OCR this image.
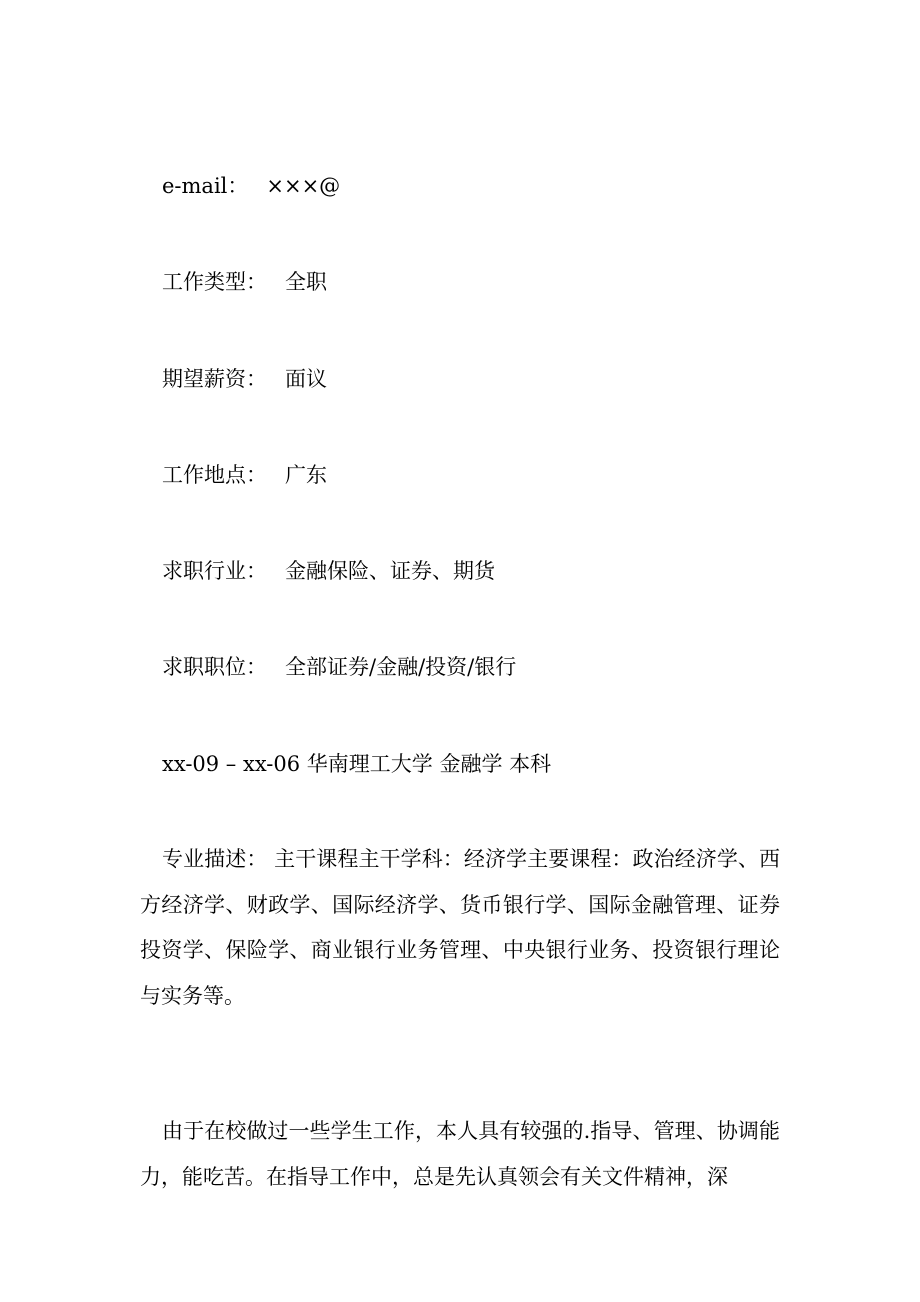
e-mail： ×××@
工作类型： 全职
期望薪资： 面议
工作地点： 广东
求职行业： 金融保险、证券、期货
求职职位： 全部证券/金融/投资/银行
xx-09 – xx-06 华南理工大学 金融学 本科
专业描述： 主干课程主干学科：经济学主要课程：政治经济学、西方经济学、财政学、国际经济学、货币银行学、国际金融管理、证券投资学、保险学、商业银行业务管理、中央银行业务、投资银行理论与实务等。
由于在校做过一些学生工作，本人具有较强的.指导、管理、协调能力，能吃苦。在指导工作中，总是先认真领会有关文件精神，深
